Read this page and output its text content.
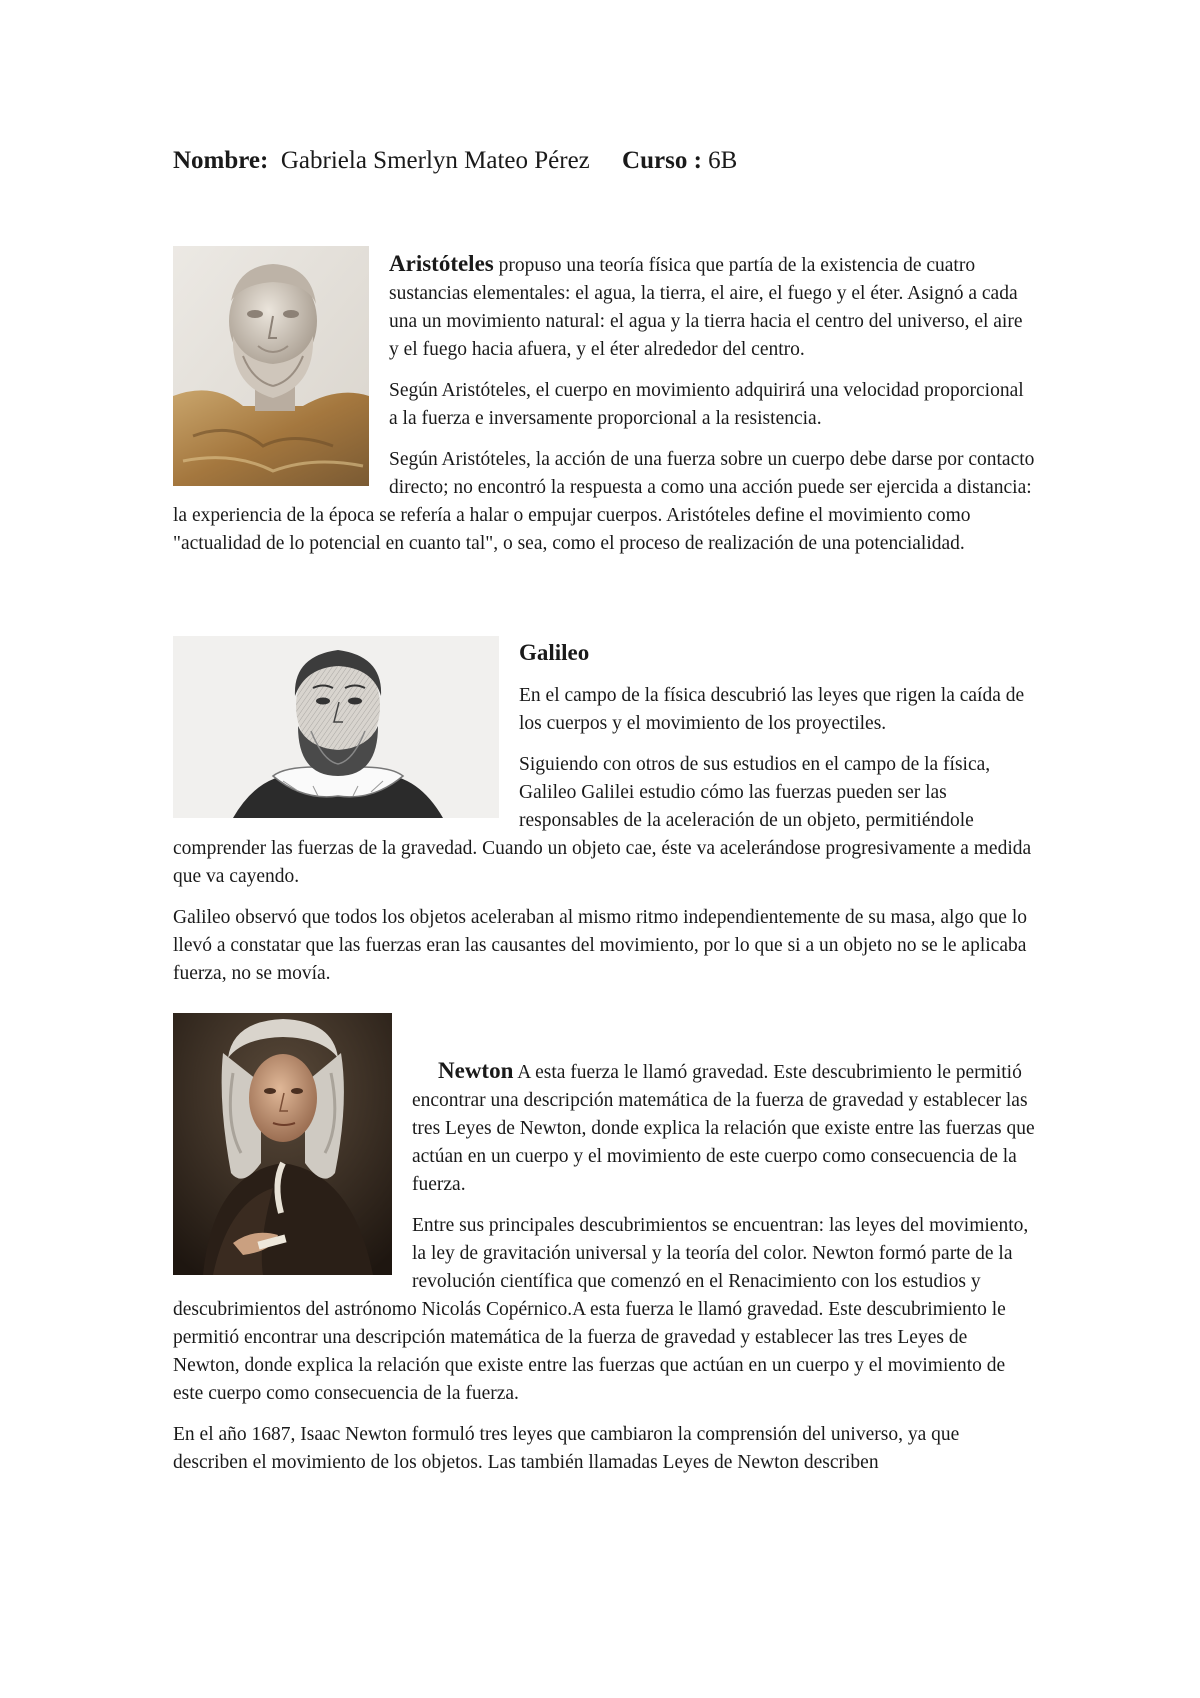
Nombre: Gabriela Smerlyn Mateo Pérez Curso : 6B

Aristóteles propuso una teoría física que partía de la existencia de cuatro sustancias elementales: el agua, la tierra, el aire, el fuego y el éter. Asignó a cada una un movimiento natural: el agua y la tierra hacia el centro del universo, el aire y el fuego hacia afuera, y el éter alrededor del centro.

Según Aristóteles, el cuerpo en movimiento adquirirá una velocidad proporcional a la fuerza e inversamente proporcional a la resistencia.

Según Aristóteles, la acción de una fuerza sobre un cuerpo debe darse por contacto directo; no encontró la respuesta a como una acción puede ser ejercida a distancia: la experiencia de la época se refería a halar o empujar cuerpos. Aristóteles define el movimiento como "actualidad de lo potencial en cuanto tal", o sea, como el proceso de realización de una potencialidad.

Galileo

En el campo de la física descubrió las leyes que rigen la caída de los cuerpos y el movimiento de los proyectiles.

Siguiendo con otros de sus estudios en el campo de la física, Galileo Galilei estudio cómo las fuerzas pueden ser las responsables de la aceleración de un objeto, permitiéndole comprender las fuerzas de la gravedad. Cuando un objeto cae, éste va acelerándose progresivamente a medida que va cayendo.

Galileo observó que todos los objetos aceleraban al mismo ritmo independientemente de su masa, algo que lo llevó a constatar que las fuerzas eran las causantes del movimiento, por lo que si a un objeto no se le aplicaba fuerza, no se movía.

Newton A esta fuerza le llamó gravedad. Este descubrimiento le permitió encontrar una descripción matemática de la fuerza de gravedad y establecer las tres Leyes de Newton, donde explica la relación que existe entre las fuerzas que actúan en un cuerpo y el movimiento de este cuerpo como consecuencia de la fuerza.

Entre sus principales descubrimientos se encuentran: las leyes del movimiento, la ley de gravitación universal y la teoría del color. Newton formó parte de la revolución científica que comenzó en el Renacimiento con los estudios y descubrimientos del astrónomo Nicolás Copérnico.A esta fuerza le llamó gravedad. Este descubrimiento le permitió encontrar una descripción matemática de la fuerza de gravedad y establecer las tres Leyes de Newton, donde explica la relación que existe entre las fuerzas que actúan en un cuerpo y el movimiento de este cuerpo como consecuencia de la fuerza.

En el año 1687, Isaac Newton formuló tres leyes que cambiaron la comprensión del universo, ya que describen el movimiento de los objetos. Las también llamadas Leyes de Newton describen
